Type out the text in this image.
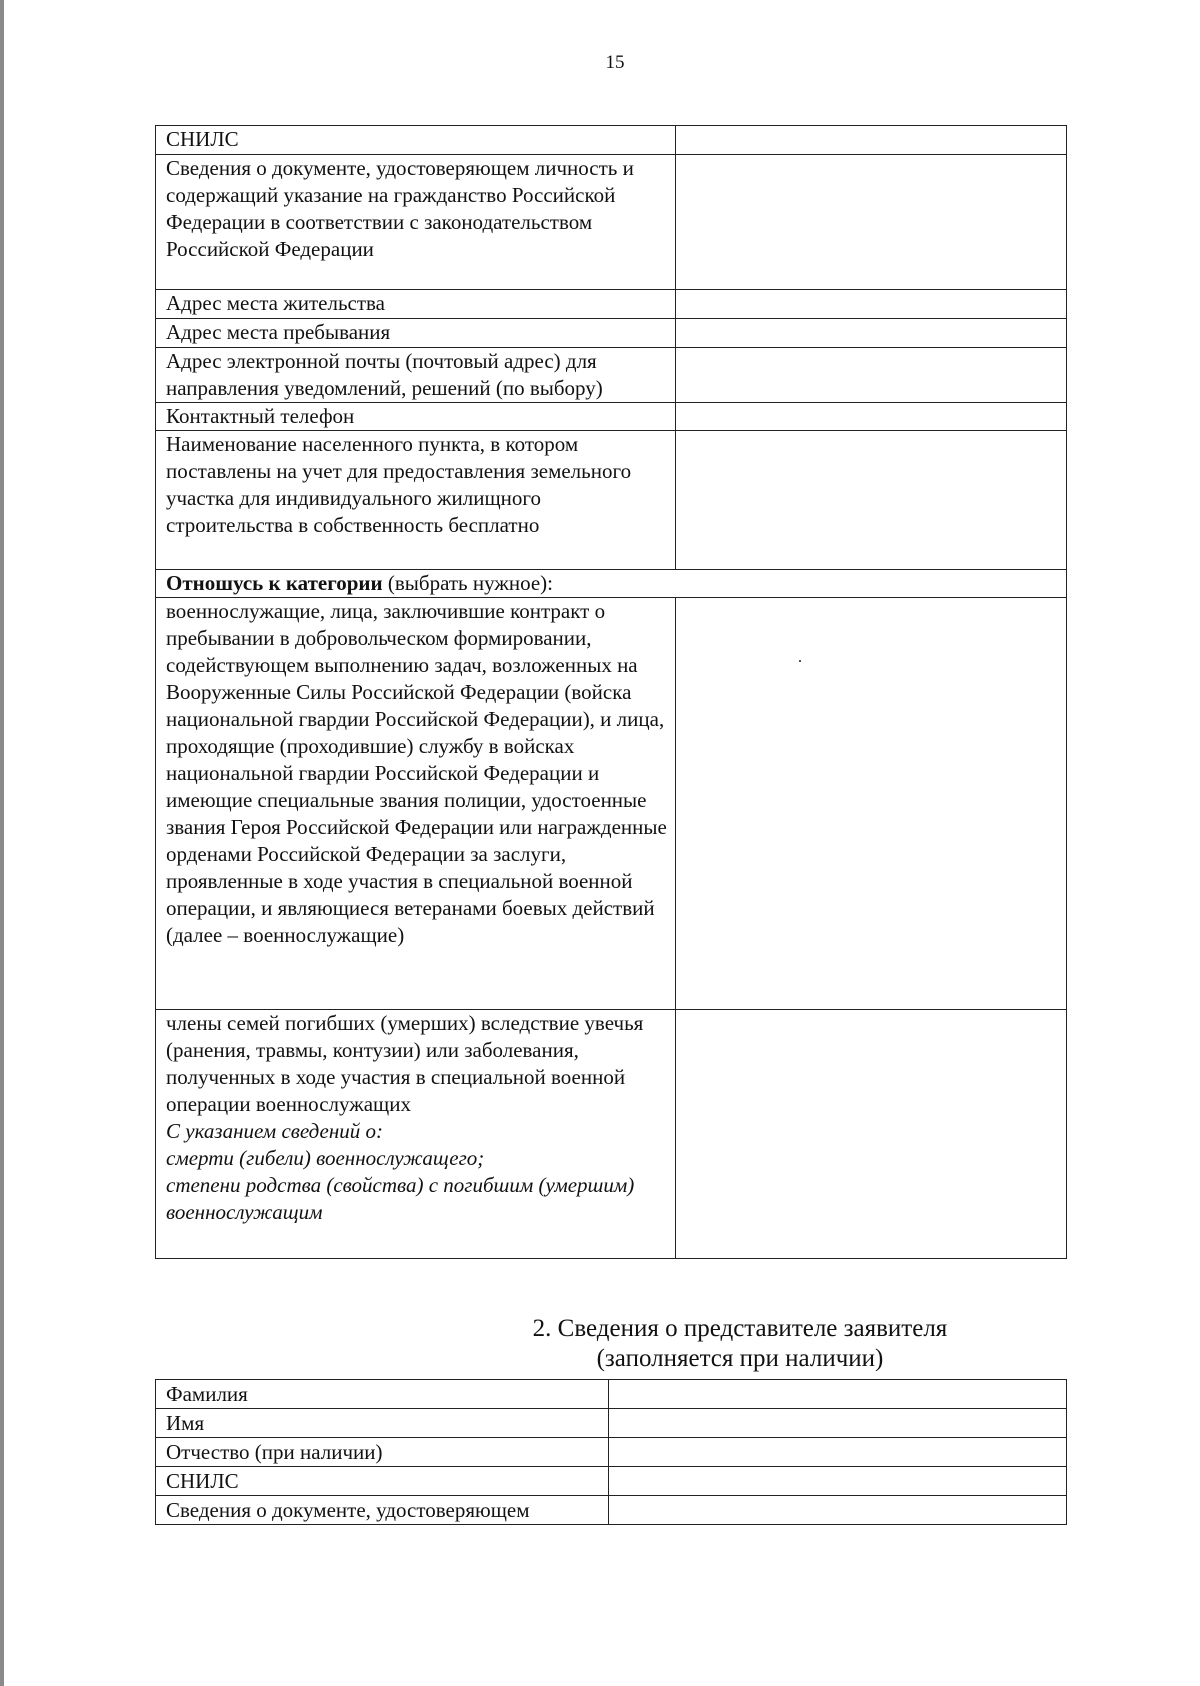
15
СНИЛС	
Сведения о документе, удостоверяющем личность и содержащий указание на гражданство Российской Федерации в соответствии с законодательством Российской Федерации	
Адрес места жительства	
Адрес места пребывания	
Адрес электронной почты (почтовый адрес) для направления уведомлений, решений (по выбору)	
Контактный телефон	
Наименование населенного пункта, в котором поставлены на учет для предоставления земельного участка для индивидуального жилищного строительства в собственность бесплатно	
Отношусь к категории (выбрать нужное):	
военнослужащие, лица, заключившие контракт о пребывании в добровольческом формировании, содействующем выполнению задач, возложенных на Вооруженные Силы Российской Федерации (войска национальной гвардии Российской Федерации), и лица, проходящие (проходившие) службу в войсках национальной гвардии Российской Федерации и имеющие специальные звания полиции, удостоенные звания Героя Российской Федерации или награжденные орденами Российской Федерации за заслуги, проявленные в ходе участия в специальной военной операции, и являющиеся ветеранами боевых действий (далее – военнослужащие)	

члены семей погибших (умерших) вследствие увечья (ранения, травмы, контузии) или заболевания, полученных в ходе участия в специальной военной операции военнослужащих
С указанием сведений о:
смерти (гибели) военнослужащего;
степени родства (свойства) с погибшим (умершим) военнослужащим	

2. Сведения о представителе заявителя
(заполняется при наличии)
Фамилия	
Имя	
Отчество (при наличии)	
СНИЛС	
Сведения о документе, удостоверяющем	
